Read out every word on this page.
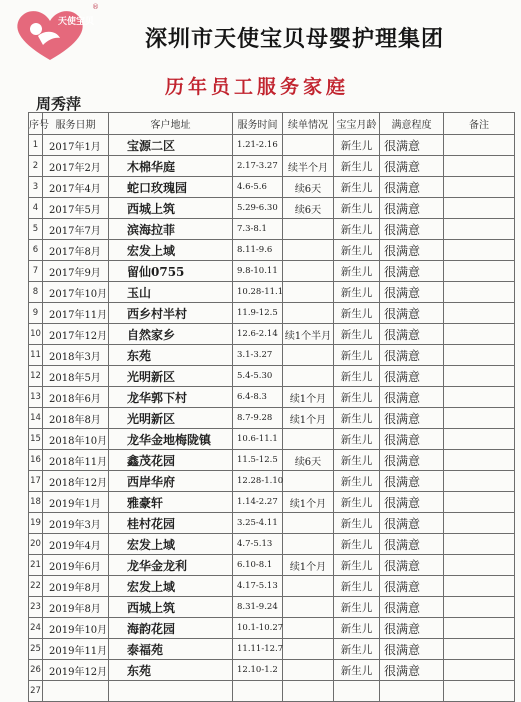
天使宝贝
®
深圳市天使宝贝母婴护理集团
历年员工服务家庭
周秀萍
序号	服务日期	客户地址	服务时间	续单情况	宝宝月龄	满意程度	备注
1	2017年1月	宝源二区	1.21-2.16		新生儿	很满意	
2	2017年2月	木棉华庭	2.17-3.27	续半个月	新生儿	很满意	
3	2017年4月	蛇口玫瑰园	4.6-5.6	续6天	新生儿	很满意	
4	2017年5月	西城上筑	5.29-6.30	续6天	新生儿	很满意	
5	2017年7月	滨海拉菲	7.3-8.1		新生儿	很满意	
6	2017年8月	宏发上域	8.11-9.6		新生儿	很满意	
7	2017年9月	留仙0755	9.8-10.11		新生儿	很满意	
8	2017年10月	玉山	10.28-11.1		新生儿	很满意	
9	2017年11月	西乡村半村	11.9-12.5		新生儿	很满意	
10	2017年12月	自然家乡	12.6-2.14	续1个半月	新生儿	很满意	
11	2018年3月	东苑	3.1-3.27		新生儿	很满意	
12	2018年5月	光明新区	5.4-5.30		新生儿	很满意	
13	2018年6月	龙华郭下村	6.4-8.3	续1个月	新生儿	很满意	
14	2018年8月	光明新区	8.7-9.28	续1个月	新生儿	很满意	
15	2018年10月	龙华金地梅陇镇	10.6-11.1		新生儿	很满意	
16	2018年11月	鑫茂花园	11.5-12.5	续6天	新生儿	很满意	
17	2018年12月	西岸华府	12.28-1.10		新生儿	很满意	
18	2019年1月	雅豪轩	1.14-2.27	续1个月	新生儿	很满意	
19	2019年3月	桂村花园	3.25-4.11		新生儿	很满意	
20	2019年4月	宏发上域	4.7-5.13		新生儿	很满意	
21	2019年6月	龙华金龙利	6.10-8.1	续1个月	新生儿	很满意	
22	2019年8月	宏发上域	4.17-5.13		新生儿	很满意	
23	2019年8月	西城上筑	8.31-9.24		新生儿	很满意	
24	2019年10月	海韵花园	10.1-10.27		新生儿	很满意	
25	2019年11月	泰福苑	11.11-12.7		新生儿	很满意	
26	2019年12月	东苑	12.10-1.2		新生儿	很满意	
27							
